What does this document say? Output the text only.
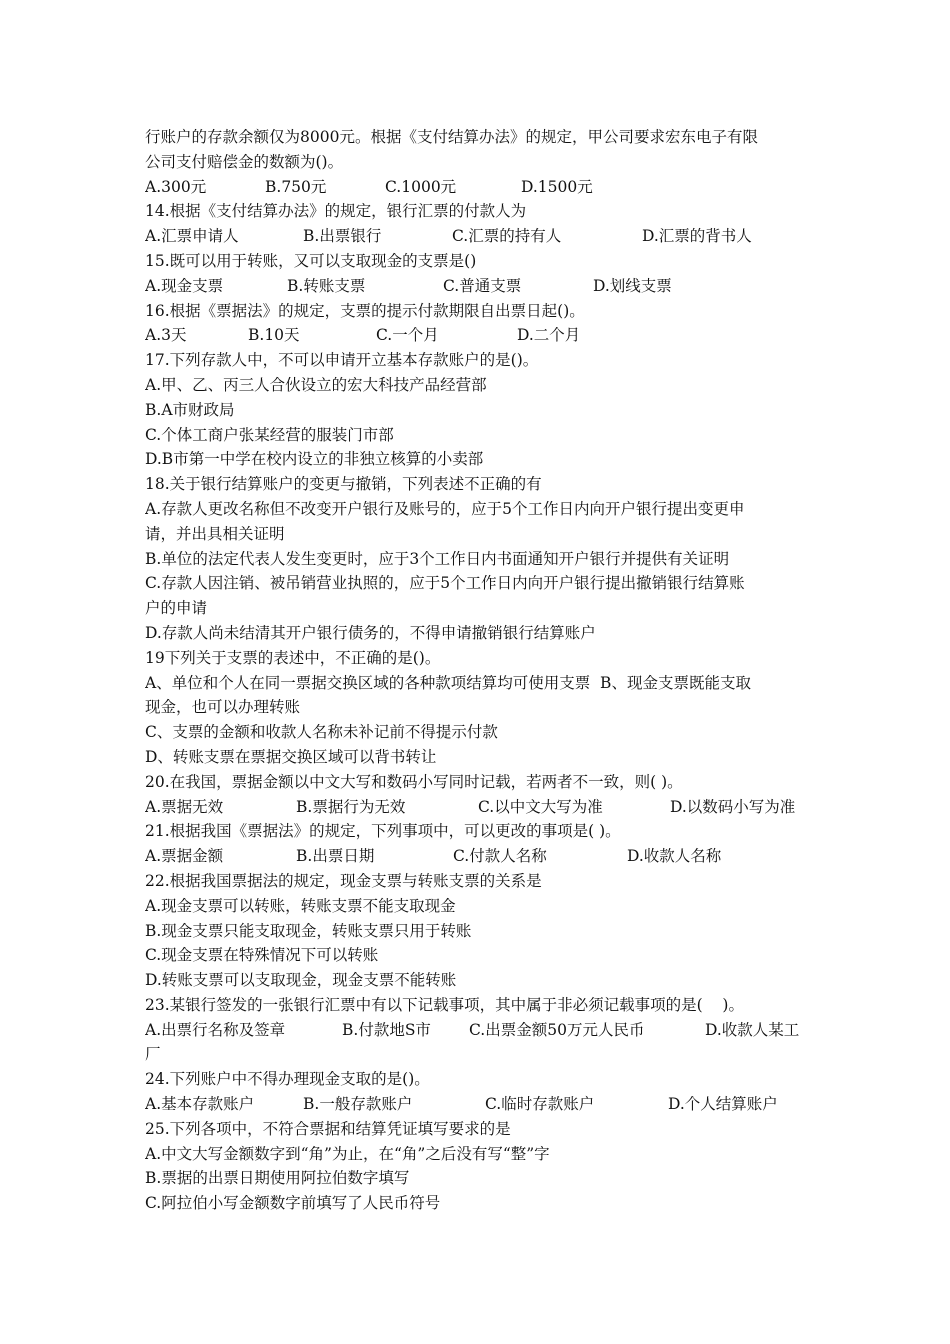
行账户的存款余额仅为8000元。根据《支付结算办法》的规定，甲公司要求宏东电子有限
公司支付赔偿金的数额为()。
A.300元	B.750元	C.1000元	D.1500元
14.根据《支付结算办法》的规定，银行汇票的付款人为
A.汇票申请人	B.出票银行	C.汇票的持有人	D.汇票的背书人
15.既可以用于转账，又可以支取现金的支票是()
A.现金支票	B.转账支票	C.普通支票	D.划线支票
16.根据《票据法》的规定，支票的提示付款期限自出票日起()。
A.3天	B.10天	C.一个月	D.二个月
17.下列存款人中，不可以申请开立基本存款账户的是()。
A.甲、乙、丙三人合伙设立的宏大科技产品经营部
B.A市财政局
C.个体工商户张某经营的服装门市部
D.B市第一中学在校内设立的非独立核算的小卖部
18.关于银行结算账户的变更与撤销，下列表述不正确的有
A.存款人更改名称但不改变开户银行及账号的，应于5个工作日内向开户银行提出变更申
请，并出具相关证明
B.单位的法定代表人发生变更时，应于3个工作日内书面通知开户银行并提供有关证明
C.存款人因注销、被吊销营业执照的，应于5个工作日内向开户银行提出撤销银行结算账
户的申请
D.存款人尚未结清其开户银行债务的，不得申请撤销银行结算账户
19下列关于支票的表述中，不正确的是()。
A、单位和个人在同一票据交换区域的各种款项结算均可使用支票  B、现金支票既能支取
现金，也可以办理转账
C、支票的金额和收款人名称未补记前不得提示付款
D、转账支票在票据交换区域可以背书转让
20.在我国，票据金额以中文大写和数码小写同时记载，若两者不一致，则( )。
A.票据无效	B.票据行为无效	C.以中文大写为准	D.以数码小写为准
21.根据我国《票据法》的规定，下列事项中，可以更改的事项是( )。
A.票据金额	B.出票日期	C.付款人名称	D.收款人名称
22.根据我国票据法的规定，现金支票与转账支票的关系是
A.现金支票可以转账，转账支票不能支取现金
B.现金支票只能支取现金，转账支票只用于转账
C.现金支票在特殊情况下可以转账
D.转账支票可以支取现金，现金支票不能转账
23.某银行签发的一张银行汇票中有以下记载事项，其中属于非必须记载事项的是(    )。
A.出票行名称及签章	B.付款地S市	C.出票金额50万元人民币	D.收款人某工
厂
24.下列账户中不得办理现金支取的是()。
A.基本存款账户	B.一般存款账户	C.临时存款账户	D.个人结算账户
25.下列各项中，不符合票据和结算凭证填写要求的是
A.中文大写金额数字到“角”为止，在“角”之后没有写“整”字
B.票据的出票日期使用阿拉伯数字填写
C.阿拉伯小写金额数字前填写了人民币符号
